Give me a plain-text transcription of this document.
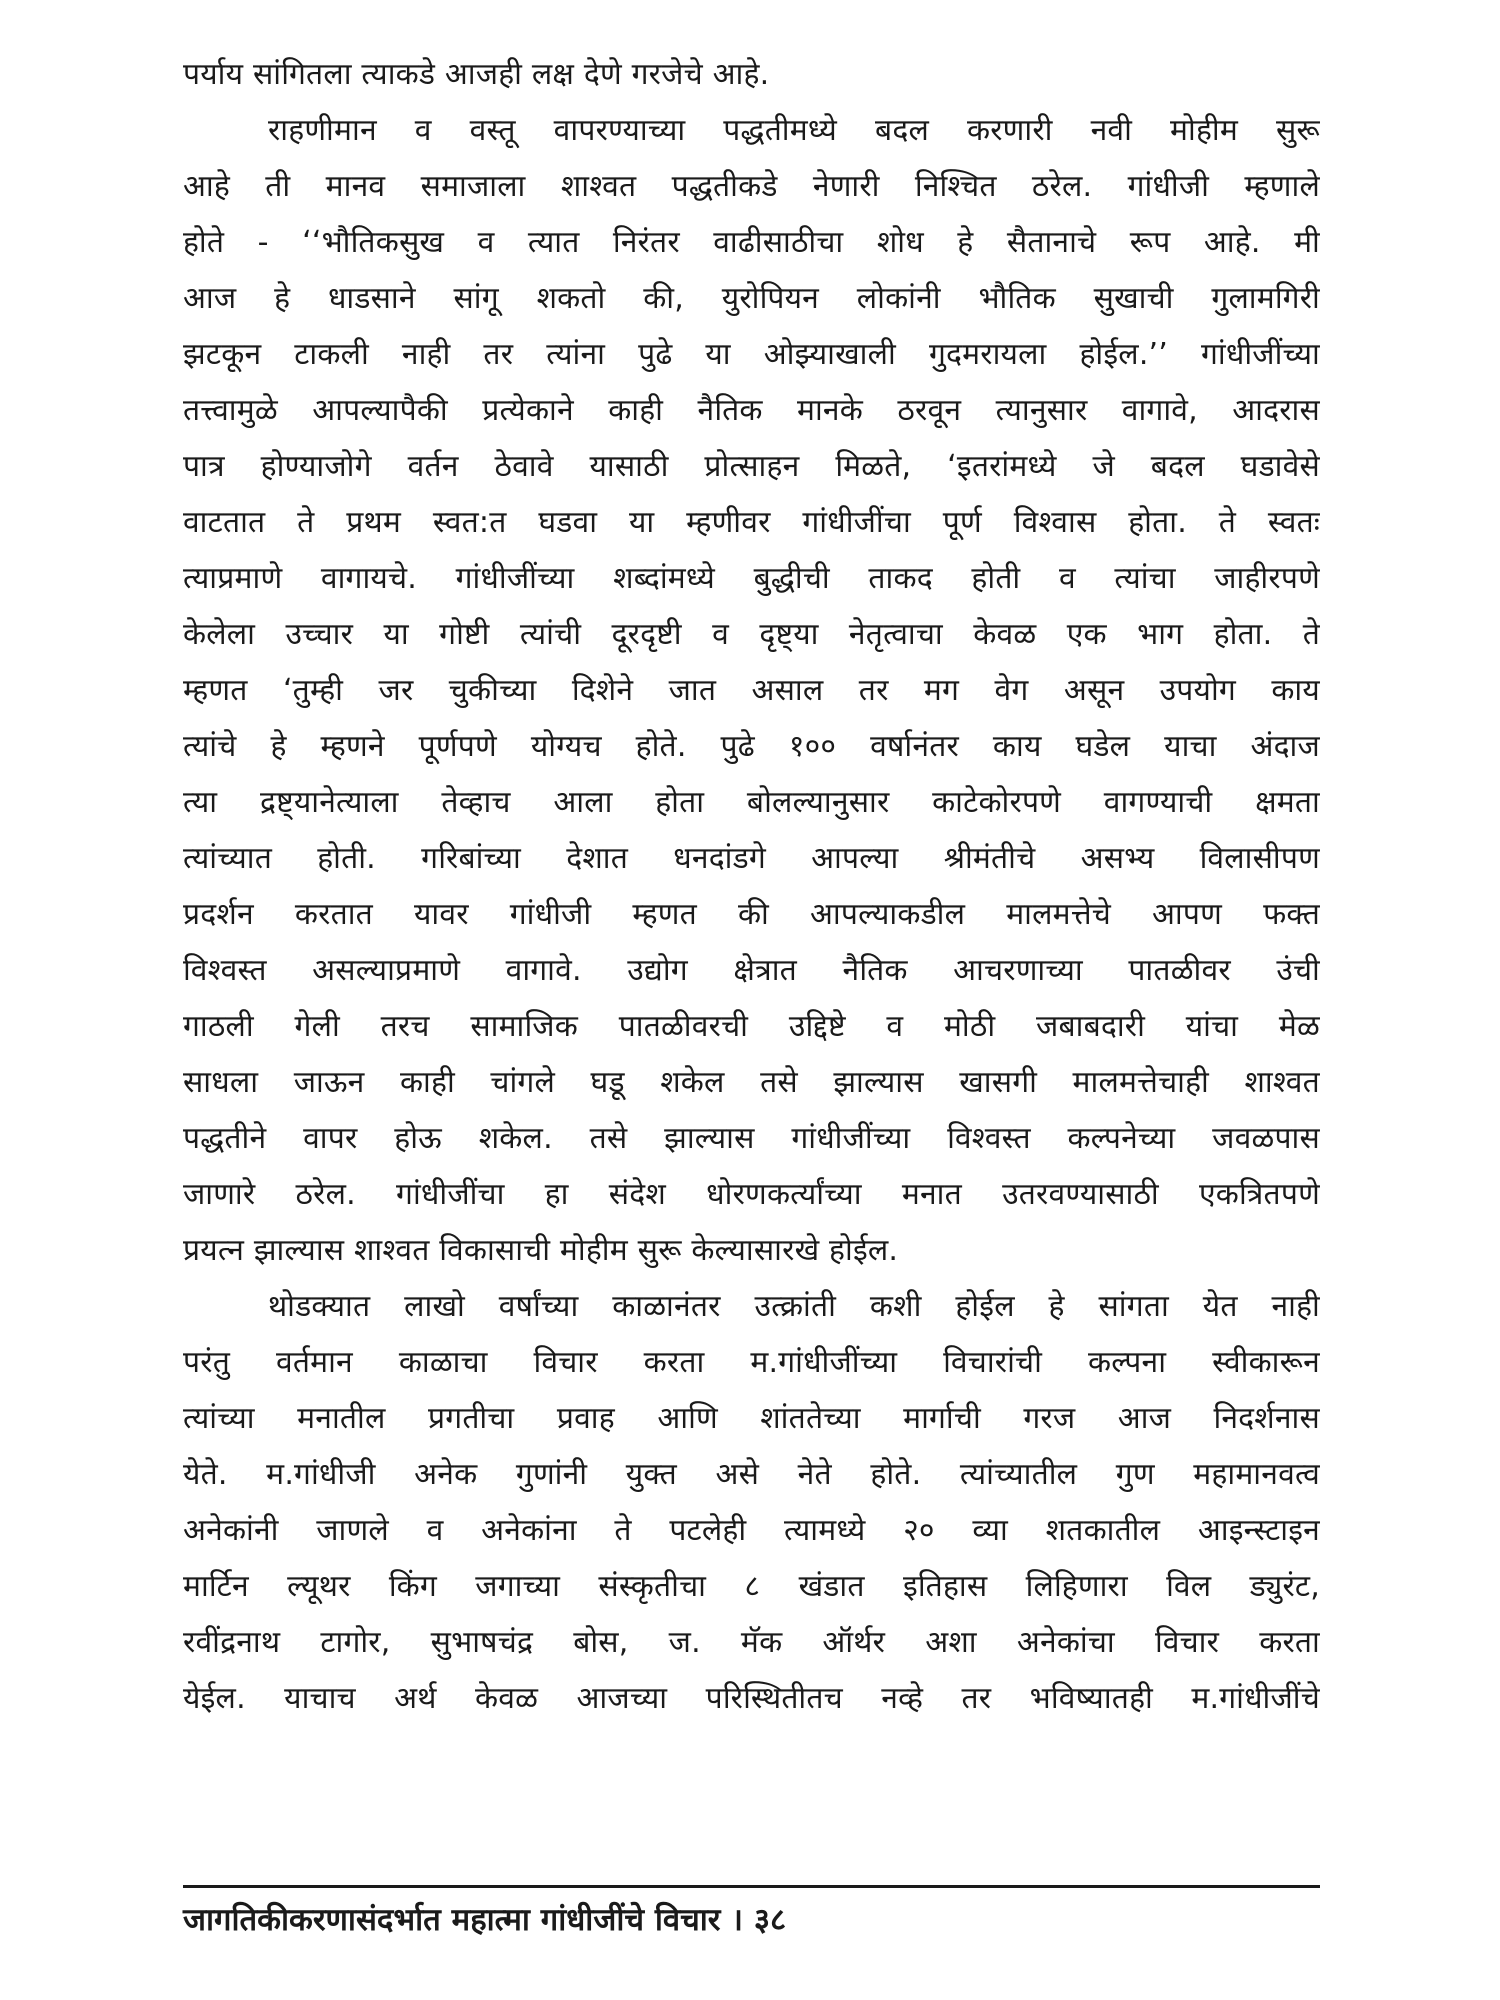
पर्याय सांगितला त्याकडे आजही लक्ष देणे गरजेचे आहे.
राहणीमान व वस्तू वापरण्याच्या पद्धतीमध्ये बदल करणारी नवी मोहीम सुरू
आहे ती मानव समाजाला शाश्वत पद्धतीकडे नेणारी निश्चित ठरेल. गांधीजी म्हणाले
होते - ‘‘भौतिकसुख व त्यात निरंतर वाढीसाठीचा शोध हे सैतानाचे रूप आहे. मी
आज हे धाडसाने सांगू शकतो की, युरोपियन लोकांनी भौतिक सुखाची गुलामगिरी
झटकून टाकली नाही तर त्यांना पुढे या ओझ्याखाली गुदमरायला होईल.’’ गांधीजींच्या
तत्त्वामुळे आपल्यापैकी प्रत्येकाने काही नैतिक मानके ठरवून त्यानुसार वागावे, आदरास
पात्र होण्याजोगे वर्तन ठेवावे यासाठी प्रोत्साहन मिळते, ‘इतरांमध्ये जे बदल घडावेसे
वाटतात ते प्रथम स्वत:त घडवा या म्हणीवर गांधीजींचा पूर्ण विश्वास होता. ते स्वतः
त्याप्रमाणे वागायचे. गांधीजींच्या शब्दांमध्ये बुद्धीची ताकद होती व त्यांचा जाहीरपणे
केलेला उच्चार या गोष्टी त्यांची दूरदृष्टी व दृष्ट्या नेतृत्वाचा केवळ एक भाग होता. ते
म्हणत ‘तुम्ही जर चुकीच्या दिशेने जात असाल तर मग वेग असून उपयोग काय
त्यांचे हे म्हणने पूर्णपणे योग्यच होते. पुढे १०० वर्षानंतर काय घडेल याचा अंदाज
त्या द्रष्ट्यानेत्याला तेव्हाच आला होता बोलल्यानुसार काटेकोरपणे वागण्याची क्षमता
त्यांच्यात होती. गरिबांच्या देशात धनदांडगे आपल्या श्रीमंतीचे असभ्य विलासीपण
प्रदर्शन करतात यावर गांधीजी म्हणत की आपल्याकडील मालमत्तेचे आपण फक्त
विश्वस्त असल्याप्रमाणे वागावे. उद्योग क्षेत्रात नैतिक आचरणाच्या पातळीवर उंची
गाठली गेली तरच सामाजिक पातळीवरची उद्दिष्टे व मोठी जबाबदारी यांचा मेळ
साधला जाऊन काही चांगले घडू शकेल तसे झाल्यास खासगी मालमत्तेचाही शाश्वत
पद्धतीने वापर होऊ शकेल. तसे झाल्यास गांधीजींच्या विश्वस्त कल्पनेच्या जवळपास
जाणारे ठरेल. गांधीजींचा हा संदेश धोरणकर्त्यांच्या मनात उतरवण्यासाठी एकत्रितपणे
प्रयत्न झाल्यास शाश्वत विकासाची मोहीम सुरू केल्यासारखे होईल.
थोडक्यात लाखो वर्षांच्या काळानंतर उत्क्रांती कशी होईल हे सांगता येत नाही
परंतु वर्तमान काळाचा विचार करता म.गांधीजींच्या विचारांची कल्पना स्वीकारून
त्यांच्या मनातील प्रगतीचा प्रवाह आणि शांततेच्या मार्गाची गरज आज निदर्शनास
येते. म.गांधीजी अनेक गुणांनी युक्त असे नेते होते. त्यांच्यातील गुण महामानवत्व
अनेकांनी जाणले व अनेकांना ते पटलेही त्यामध्ये २० व्या शतकातील आइन्स्टाइन
मार्टिन ल्यूथर किंग जगाच्या संस्कृतीचा ८ खंडात इतिहास लिहिणारा विल ड्युरंट,
रवींद्रनाथ टागोर, सुभाषचंद्र बोस, ज. मॅक ऑर्थर अशा अनेकांचा विचार करता
येईल. याचाच अर्थ केवळ आजच्या परिस्थितीतच नव्हे तर भविष्यातही म.गांधीजींचे
जागतिकीकरणासंदर्भात महात्मा गांधीजींचे विचार । ३८
